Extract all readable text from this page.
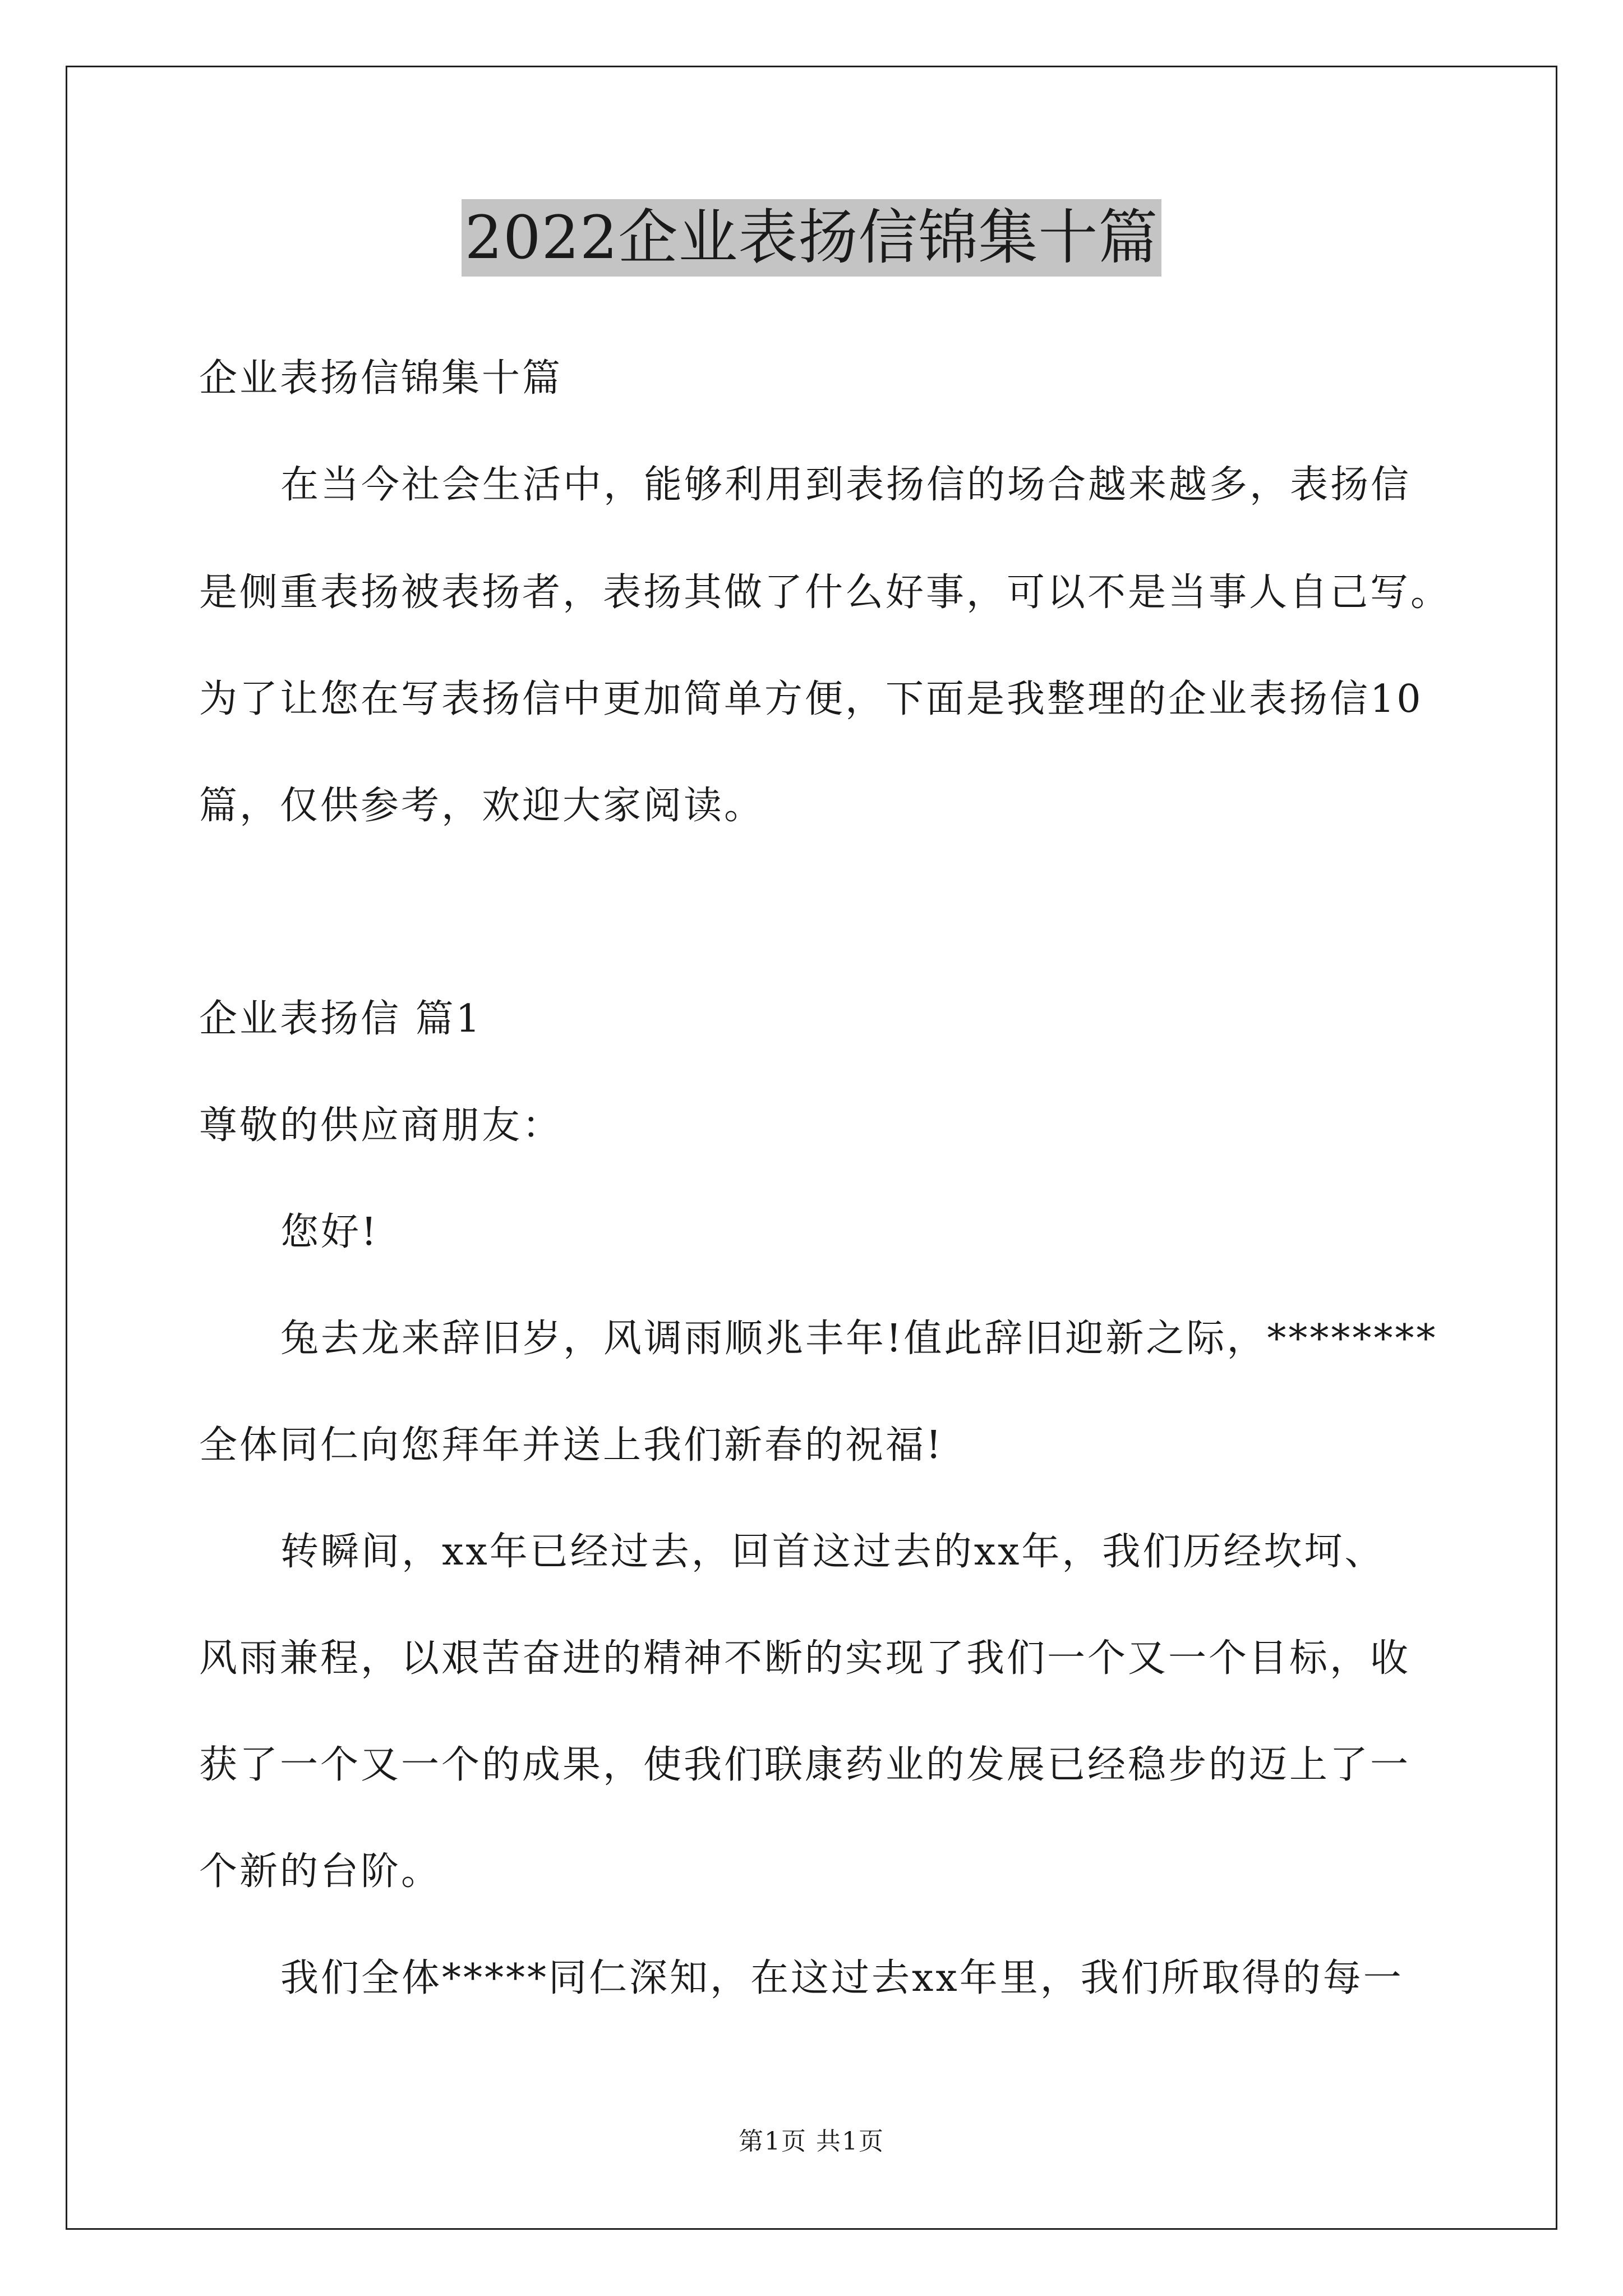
2022企业表扬信锦集十篇
企业表扬信锦集十篇
在当今社会生活中，能够利用到表扬信的场合越来越多，表扬信
是侧重表扬被表扬者，表扬其做了什么好事，可以不是当事人自己写。
为了让您在写表扬信中更加简单方便，下面是我整理的企业表扬信10
篇，仅供参考，欢迎大家阅读。
企业表扬信 篇1
尊敬的供应商朋友：
您好!
兔去龙来辞旧岁，风调雨顺兆丰年!值此辞旧迎新之际，********
全体同仁向您拜年并送上我们新春的祝福!
转瞬间，xx年已经过去，回首这过去的xx年，我们历经坎坷、
风雨兼程，以艰苦奋进的精神不断的实现了我们一个又一个目标，收
获了一个又一个的成果，使我们联康药业的发展已经稳步的迈上了一
个新的台阶。
我们全体*****同仁深知，在这过去xx年里，我们所取得的每一
第1页 共1页
